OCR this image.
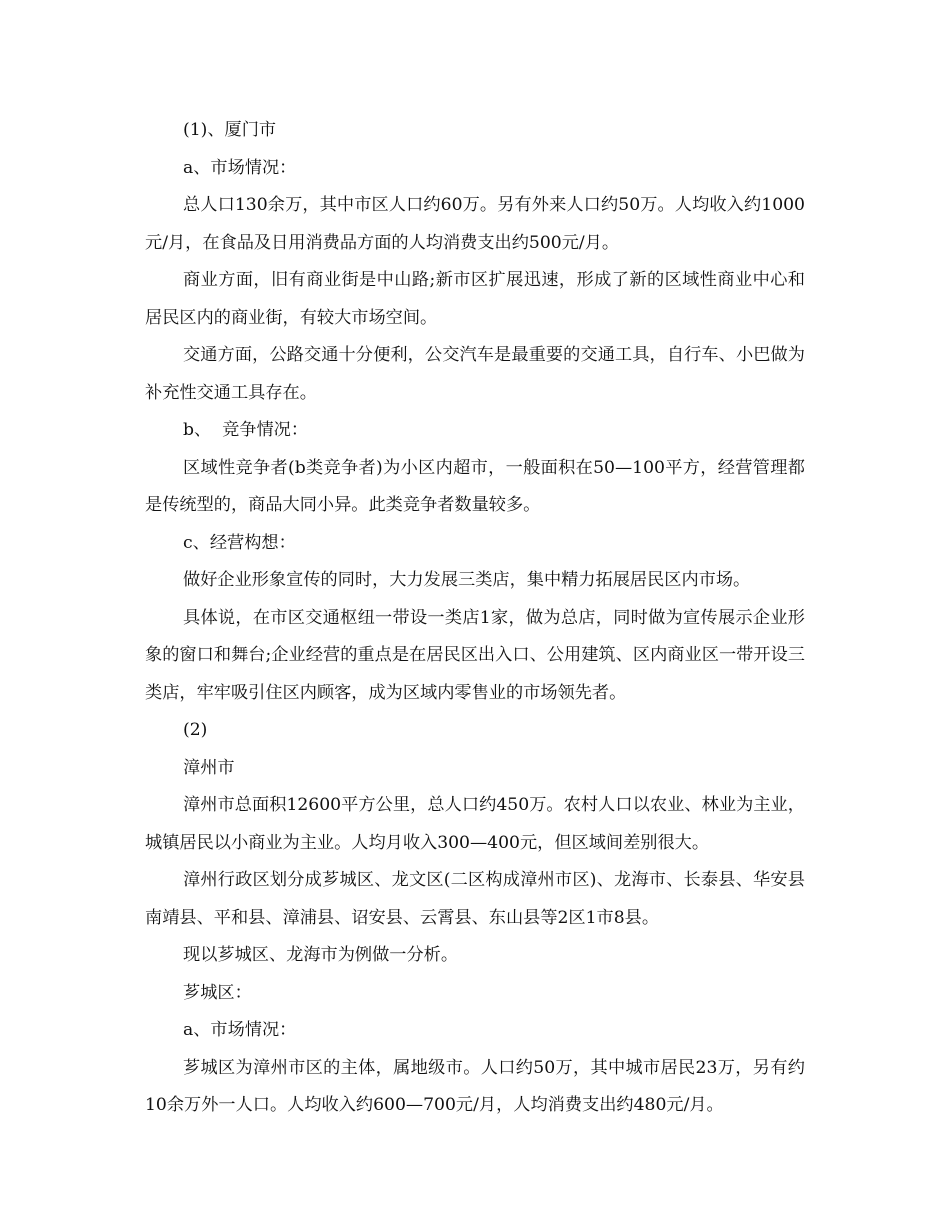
(1)、厦门市

a、市场情况：

总人口130余万，其中市区人口约60万。另有外来人口约50万。人均收入约1000元/月，在食品及日用消费品方面的人均消费支出约500元/月。

商业方面，旧有商业街是中山路;新市区扩展迅速，形成了新的区域性商业中心和居民区内的商业街，有较大市场空间。

交通方面，公路交通十分便利，公交汽车是最重要的交通工具，自行车、小巴做为补充性交通工具存在。

b、  竞争情况：

区域性竞争者(b类竞争者)为小区内超市，一般面积在50—100平方，经营管理都是传统型的，商品大同小异。此类竞争者数量较多。

c、经营构想：

做好企业形象宣传的同时，大力发展三类店，集中精力拓展居民区内市场。

具体说，在市区交通枢纽一带设一类店1家，做为总店，同时做为宣传展示企业形象的窗口和舞台;企业经营的重点是在居民区出入口、公用建筑、区内商业区一带开设三类店，牢牢吸引住区内顾客，成为区域内零售业的市场领先者。

(2)

漳州市

漳州市总面积12600平方公里，总人口约450万。农村人口以农业、林业为主业，城镇居民以小商业为主业。人均月收入300—400元，但区域间差别很大。

漳州行政区划分成芗城区、龙文区(二区构成漳州市区)、龙海市、长泰县、华安县南靖县、平和县、漳浦县、诏安县、云霄县、东山县等2区1市8县。

现以芗城区、龙海市为例做一分析。

芗城区：

a、市场情况：

芗城区为漳州市区的主体，属地级市。人口约50万，其中城市居民23万，另有约10余万外一人口。人均收入约600—700元/月，人均消费支出约480元/月。
